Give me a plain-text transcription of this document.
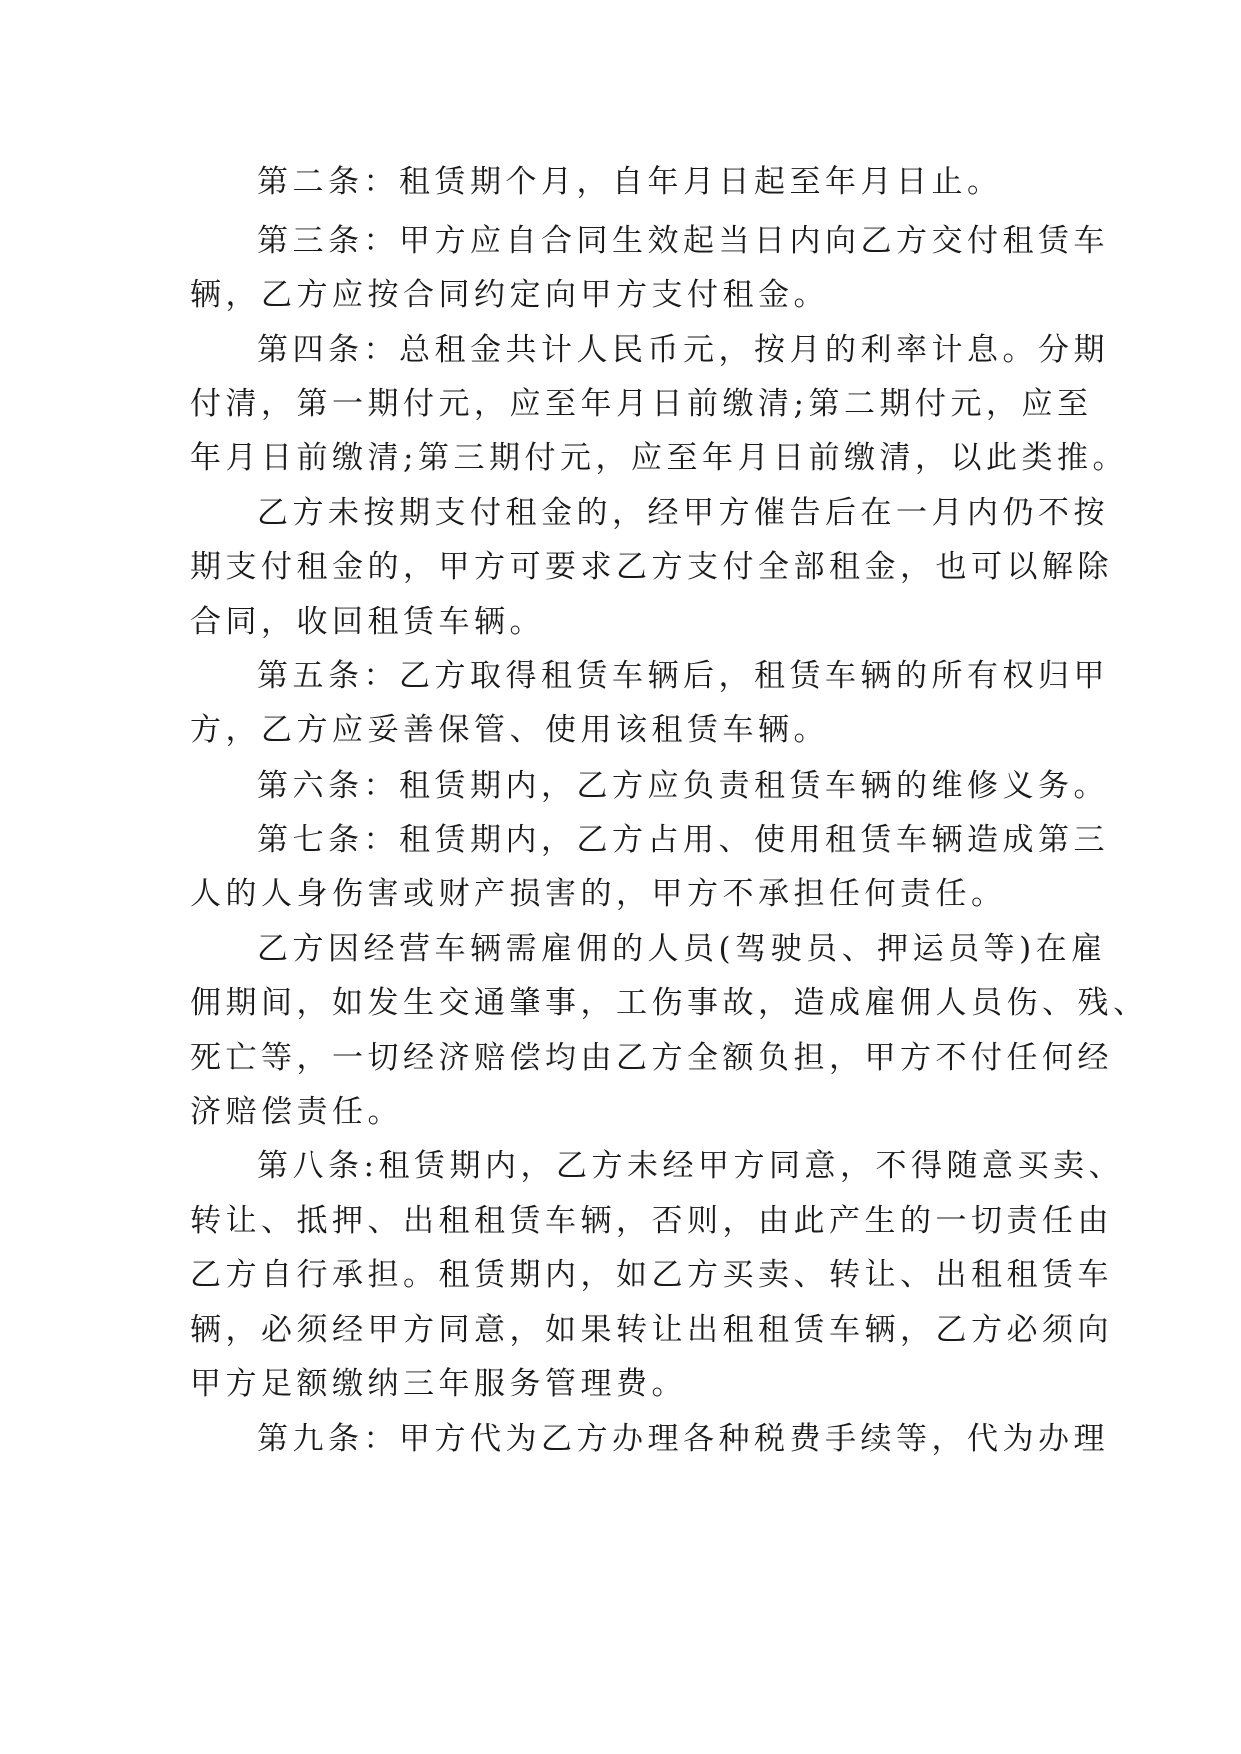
第二条：租赁期个月，自年月日起至年月日止。
第三条：甲方应自合同生效起当日内向乙方交付租赁车
辆，乙方应按合同约定向甲方支付租金。
第四条：总租金共计人民币元，按月的利率计息。分期
付清，第一期付元，应至年月日前缴清;第二期付元，应至
年月日前缴清;第三期付元，应至年月日前缴清，以此类推。
乙方未按期支付租金的，经甲方催告后在一月内仍不按
期支付租金的，甲方可要求乙方支付全部租金，也可以解除
合同，收回租赁车辆。
第五条：乙方取得租赁车辆后，租赁车辆的所有权归甲
方，乙方应妥善保管、使用该租赁车辆。
第六条：租赁期内，乙方应负责租赁车辆的维修义务。
第七条：租赁期内，乙方占用、使用租赁车辆造成第三
人的人身伤害或财产损害的，甲方不承担任何责任。
乙方因经营车辆需雇佣的人员(驾驶员、押运员等)在雇
佣期间，如发生交通肇事，工伤事故，造成雇佣人员伤、残、
死亡等，一切经济赔偿均由乙方全额负担，甲方不付任何经
济赔偿责任。
第八条:租赁期内，乙方未经甲方同意，不得随意买卖、
转让、抵押、出租租赁车辆，否则，由此产生的一切责任由
乙方自行承担。租赁期内，如乙方买卖、转让、出租租赁车
辆，必须经甲方同意，如果转让出租租赁车辆，乙方必须向
甲方足额缴纳三年服务管理费。
第九条：甲方代为乙方办理各种税费手续等，代为办理
